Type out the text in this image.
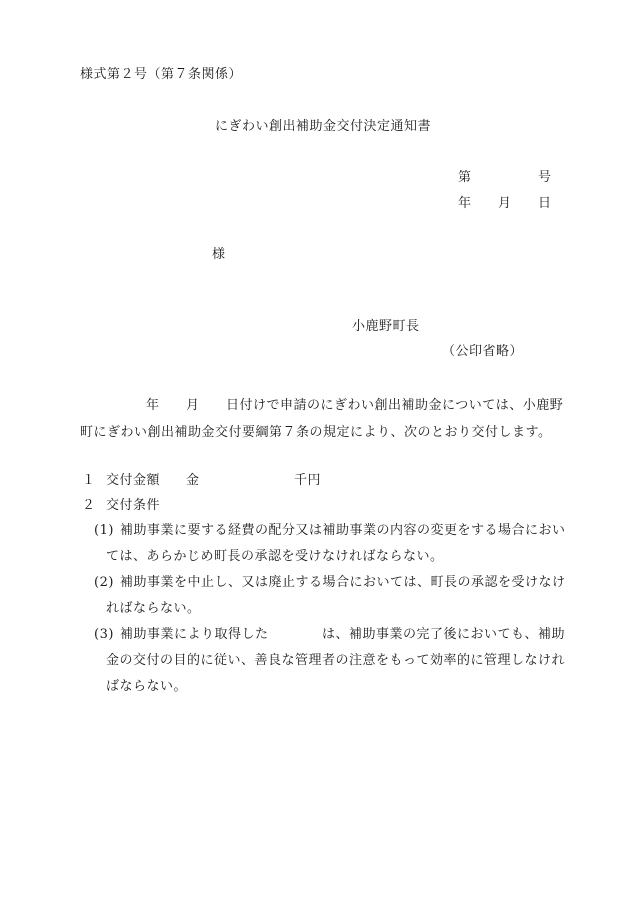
様式第２号（第７条関係）
にぎわい創出補助金交付決定通知書
第	号
年 月 日
様
小鹿野町長
（公印省略）
年 月 日付けで申請のにぎわい創出補助金については、小鹿野
町にぎわい創出補助金交付要綱第７条の規定により、次のとおり交付します。
１ 交付金額 金	千円
２ 交付条件
(1) 補助事業に要する経費の配分又は補助事業の内容の変更をする場合におい
ては、あらかじめ町長の承認を受けなければならない。
(2) 補助事業を中止し、又は廃止する場合においては、町長の承認を受けなけ
ればならない。
(3) 補助事業により取得した	は、補助事業の完了後においても、補助
金の交付の目的に従い、善良な管理者の注意をもって効率的に管理しなけれ
ばならない。
